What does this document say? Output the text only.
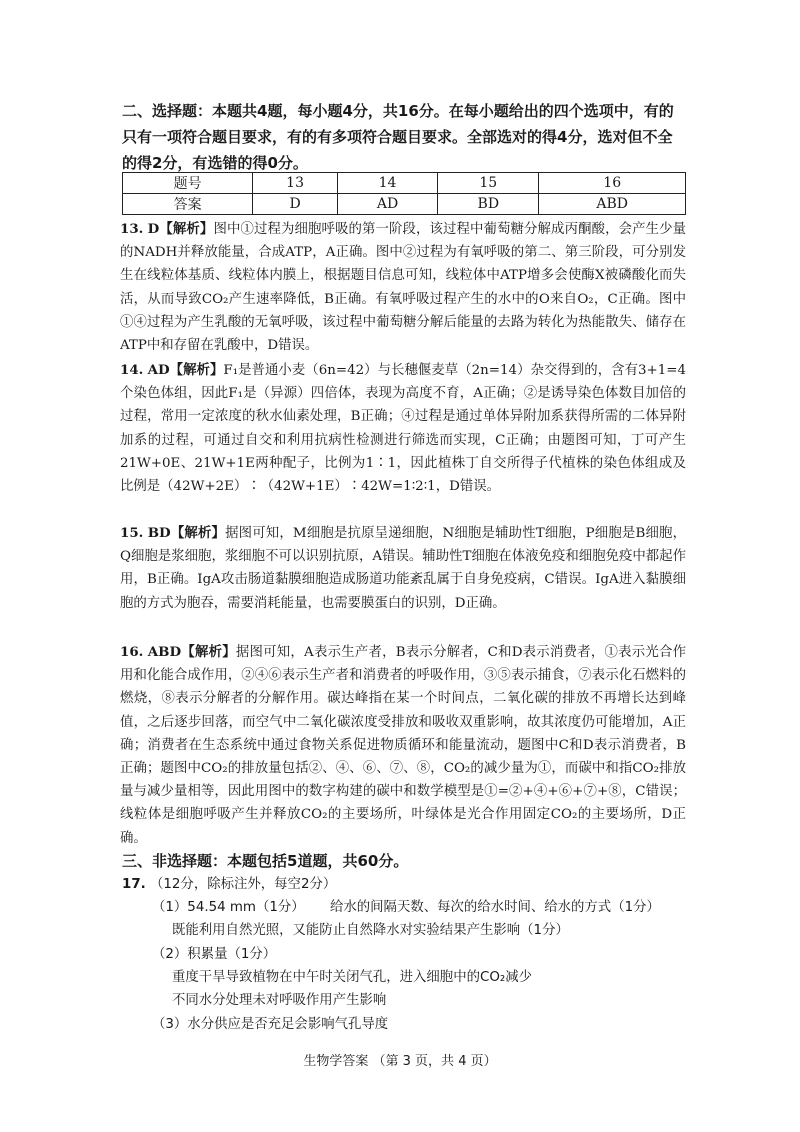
二、选择题：本题共4题，每小题4分，共16分。在每小题给出的四个选项中，有的只有一项符合题目要求，有的有多项符合题目要求。全部选对的得4分，选对但不全的得2分，有选错的得0分。

题号	13	14	15	16
答案	D	AD	BD	ABD
13. D【解析】图中①过程为细胞呼吸的第一阶段，该过程中葡萄糖分解成丙酮酸，会产生少量的NADH并释放能量，合成ATP，A正确。图中②过程为有氧呼吸的第二、第三阶段，可分别发生在线粒体基质、线粒体内膜上，根据题目信息可知，线粒体中ATP增多会使酶X被磷酸化而失活，从而导致CO₂产生速率降低，B正确。有氧呼吸过程产生的水中的O来自O₂，C正确。图中①④过程为产生乳酸的无氧呼吸，该过程中葡萄糖分解后能量的去路为转化为热能散失、储存在ATP中和存留在乳酸中，D错误。
14. AD【解析】F₁是普通小麦（6n=42）与长穗偃麦草（2n=14）杂交得到的，含有3+1=4个染色体组，因此F₁是（异源）四倍体，表现为高度不育，A正确；②是诱导染色体数目加倍的过程，常用一定浓度的秋水仙素处理，B正确；④过程是通过单体异附加系获得所需的二体异附加系的过程，可通过自交和利用抗病性检测进行筛选而实现，C正确；由题图可知，丁可产生21W+0E、21W+1E两种配子，比例为1∶1，因此植株丁自交所得子代植株的染色体组成及比例是（42W+2E）∶（42W+1E）∶42W=1∶2∶1，D错误。
15. BD【解析】据图可知，M细胞是抗原呈递细胞，N细胞是辅助性T细胞，P细胞是B细胞，Q细胞是浆细胞，浆细胞不可以识别抗原，A错误。辅助性T细胞在体液免疫和细胞免疫中都起作用，B正确。IgA攻击肠道黏膜细胞造成肠道功能紊乱属于自身免疫病，C错误。IgA进入黏膜细胞的方式为胞吞，需要消耗能量，也需要膜蛋白的识别，D正确。
16. ABD【解析】据图可知，A表示生产者，B表示分解者，C和D表示消费者，①表示光合作用和化能合成作用，②④⑥表示生产者和消费者的呼吸作用，③⑤表示捕食，⑦表示化石燃料的燃烧，⑧表示分解者的分解作用。碳达峰指在某一个时间点，二氧化碳的排放不再增长达到峰值，之后逐步回落，而空气中二氧化碳浓度受排放和吸收双重影响，故其浓度仍可能增加，A正确；消费者在生态系统中通过食物关系促进物质循环和能量流动，题图中C和D表示消费者，B正确；题图中CO₂的排放量包括②、④、⑥、⑦、⑧，CO₂的减少量为①，而碳中和指CO₂排放量与减少量相等，因此用图中的数字构建的碳中和数学模型是①=②+④+⑥+⑦+⑧，C错误；线粒体是细胞呼吸产生并释放CO₂的主要场所，叶绿体是光合作用固定CO₂的主要场所，D正确。

三、非选择题：本题包括5道题，共60分。

17. （12分，除标注外，每空2分）
（1）54.54 mm（1分） 给水的间隔天数、每次的给水时间、给水的方式（1分）
既能利用自然光照，又能防止自然降水对实验结果产生影响（1分）
（2）积累量（1分）
重度干旱导致植物在中午时关闭气孔，进入细胞中的CO₂减少
不同水分处理未对呼吸作用产生影响
（3）水分供应是否充足会影响气孔导度
生物学答案 （第 3 页，共 4 页）
